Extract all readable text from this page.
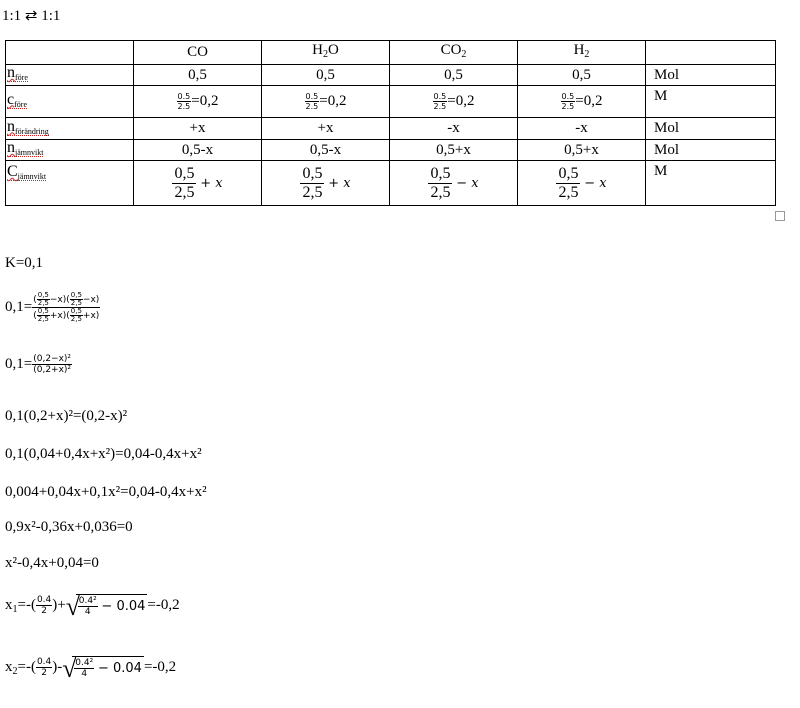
1:1 ⇄ 1:1
	CO	$H_2O$	$CO_2$	$H_2$	
$n_{före}$	0,5	0,5	0,5	0,5	Mol
$c_{före}$	$\frac{0.5}{2.5} =0,2$	$\frac{0.5}{2.5} =0,2$	$\frac{0.5}{2.5} =0,2$	$\frac{0.5}{2.5} =0,2$	M
$n_{förändring}$	+x	+x	-x	-x	Mol
$n_{jämnvikt}$	0,5-x	0,5-x	0,5+x	0,5+x	Mol
$C_{jämnvikt}$	$\frac{0,5}{2,5} + x$	$\frac{0,5}{2,5} + x$	$\frac{0,5}{2,5} - x$	$\frac{0,5}{2,5} - x$	M
K=0,1
$0,1= \frac{( \frac{0,5}{2,5} -x)( \frac{0,5}{2,5} -x)}{( \frac{0,5}{2,5} +x)( \frac{0,5}{2,5} +x)}$
$0,1= \frac{\text{(0,2−x)²}}{\text{(0,2+x)²}}$
0,1(0,2+x)²=(0,2-x)²
0,1(0,04+0,4x+x²)=0,04-0,4x+x²
0,004+0,04x+0,1x²=0,04-0,4x+x²
0,9x²-0,36x+0,036=0
x²-0,4x+0,04=0
$x_1=-( \frac{0.4}{2}$ )+ √
$\frac{\text{0.4²}}{4} - 0.04 =-0,2$
$x_2=-( \frac{0.4}{2}$ )- √
$\frac{\text{0.4²}}{4} - 0.04 =-0,2$
